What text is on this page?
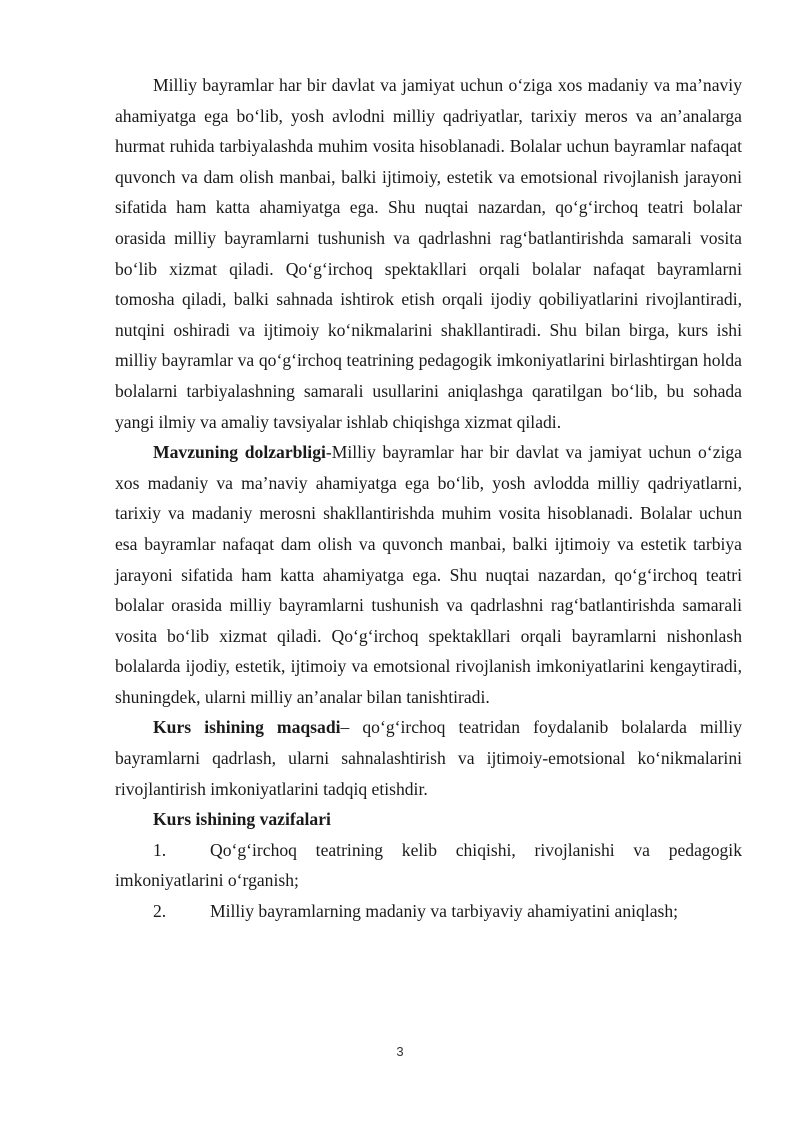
Milliy bayramlar har bir davlat va jamiyat uchun o‘ziga xos madaniy va ma’naviy ahamiyatga ega bo‘lib, yosh avlodni milliy qadriyatlar, tarixiy meros va an’analarga hurmat ruhida tarbiyalashda muhim vosita hisoblanadi. Bolalar uchun bayramlar nafaqat quvonch va dam olish manbai, balki ijtimoiy, estetik va emotsional rivojlanish jarayoni sifatida ham katta ahamiyatga ega. Shu nuqtai nazardan, qo‘g‘irchoq teatri bolalar orasida milliy bayramlarni tushunish va qadrlashni rag‘batlantirishda samarali vosita bo‘lib xizmat qiladi. Qo‘g‘irchoq spektakllari orqali bolalar nafaqat bayramlarni tomosha qiladi, balki sahnada ishtirok etish orqali ijodiy qobiliyatlarini rivojlantiradi, nutqini oshiradi va ijtimoiy ko‘nikmalarini shakllantiradi. Shu bilan birga, kurs ishi milliy bayramlar va qo‘g‘irchoq teatrining pedagogik imkoniyatlarini birlashtirgan holda bolalarni tarbiyalashning samarali usullarini aniqlashga qaratilgan bo‘lib, bu sohada yangi ilmiy va amaliy tavsiyalar ishlab chiqishga xizmat qiladi.

Mavzuning dolzarbligi-Milliy bayramlar har bir davlat va jamiyat uchun o‘ziga xos madaniy va ma’naviy ahamiyatga ega bo‘lib, yosh avlodda milliy qadriyatlarni, tarixiy va madaniy merosni shakllantirishda muhim vosita hisoblanadi. Bolalar uchun esa bayramlar nafaqat dam olish va quvonch manbai, balki ijtimoiy va estetik tarbiya jarayoni sifatida ham katta ahamiyatga ega. Shu nuqtai nazardan, qo‘g‘irchoq teatri bolalar orasida milliy bayramlarni tushunish va qadrlashni rag‘batlantirishda samarali vosita bo‘lib xizmat qiladi. Qo‘g‘irchoq spektakllari orqali bayramlarni nishonlash bolalarda ijodiy, estetik, ijtimoiy va emotsional rivojlanish imkoniyatlarini kengaytiradi, shuningdek, ularni milliy an’analar bilan tanishtiradi.

Kurs ishining maqsadi– qo‘g‘irchoq teatridan foydalanib bolalarda milliy bayramlarni qadrlash, ularni sahnalashtirish va ijtimoiy-emotsional ko‘nikmalarini rivojlantirish imkoniyatlarini tadqiq etishdir.

Kurs ishining vazifalari

1. Qo‘g‘irchoq teatrining kelib chiqishi, rivojlanishi va pedagogik imkoniyatlarini o‘rganish;

2. Milliy bayramlarning madaniy va tarbiyaviy ahamiyatini aniqlash;

3
